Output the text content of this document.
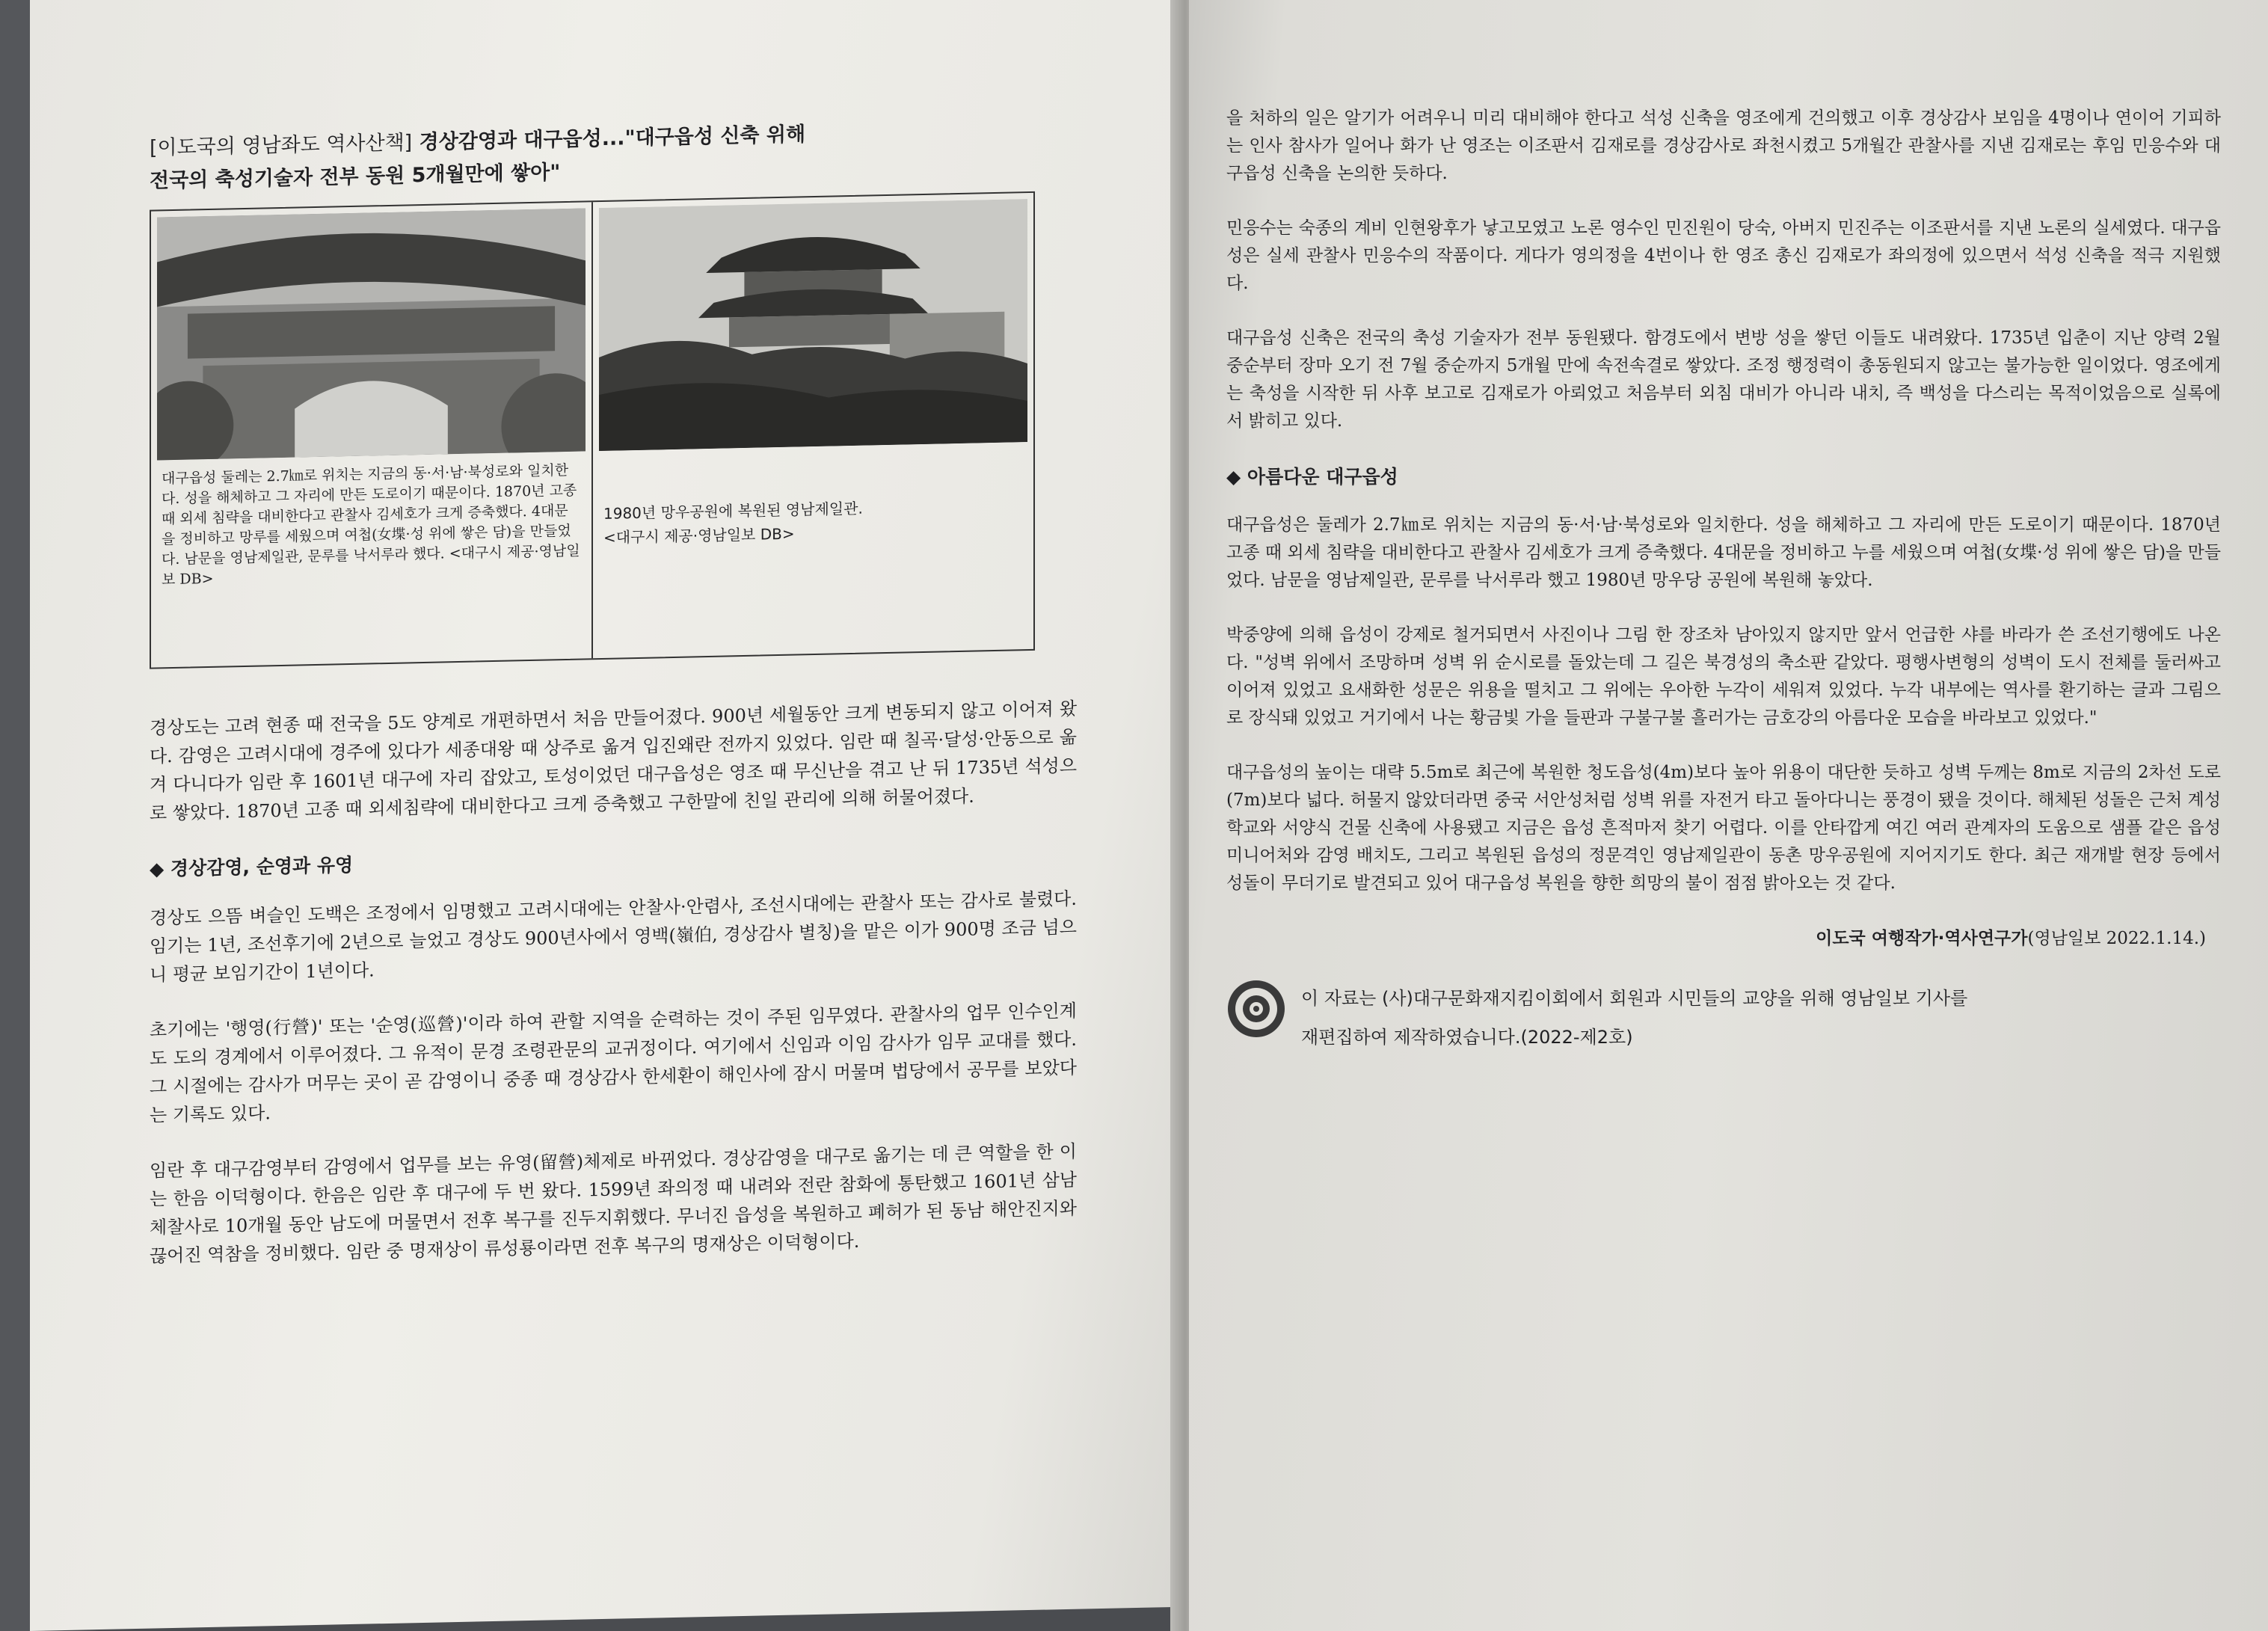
[이도국의 영남좌도 역사산책] 경상감영과 대구읍성..."대구읍성 신축 위해
전국의 축성기술자 전부 동원 5개월만에 쌓아"
대구읍성 둘레는 2.7㎞로 위치는 지금의 동·서·남·북성로와 일치한다. 성을 해체하고 그 자리에 만든 도로이기 때문이다. 1870년 고종 때 외세 침략을 대비한다고 관찰사 김세호가 크게 증축했다. 4대문을 정비하고 망루를 세웠으며 여첩(女堞·성 위에 쌓은 담)을 만들었다. 남문을 영남제일관, 문루를 낙서루라 했다. <대구시 제공·영남일보 DB>
1980년 망우공원에 복원된 영남제일관.
<대구시 제공·영남일보 DB>

경상도는 고려 현종 때 전국을 5도 양계로 개편하면서 처음 만들어졌다. 900년 세월동안 크게 변동되지 않고 이어져 왔다. 감영은 고려시대에 경주에 있다가 세종대왕 때 상주로 옮겨 입진왜란 전까지 있었다. 임란 때 칠곡·달성·안동으로 옮겨 다니다가 임란 후 1601년 대구에 자리 잡았고, 토성이었던 대구읍성은 영조 때 무신난을 겪고 난 뒤 1735년 석성으로 쌓았다. 1870년 고종 때 외세침략에 대비한다고 크게 증축했고 구한말에 친일 관리에 의해 허물어졌다.

◆ 경상감영, 순영과 유영

경상도 으뜸 벼슬인 도백은 조정에서 임명했고 고려시대에는 안찰사·안렴사, 조선시대에는 관찰사 또는 감사로 불렸다. 임기는 1년, 조선후기에 2년으로 늘었고 경상도 900년사에서 영백(嶺伯, 경상감사 별칭)을 맡은 이가 900명 조금 넘으니 평균 보임기간이 1년이다.

초기에는 '행영(行營)' 또는 '순영(巡營)'이라 하여 관할 지역을 순력하는 것이 주된 임무였다. 관찰사의 업무 인수인계도 도의 경계에서 이루어졌다. 그 유적이 문경 조령관문의 교귀정이다. 여기에서 신임과 이임 감사가 임무 교대를 했다. 그 시절에는 감사가 머무는 곳이 곧 감영이니 중종 때 경상감사 한세환이 해인사에 잠시 머물며 법당에서 공무를 보았다는 기록도 있다.

임란 후 대구감영부터 감영에서 업무를 보는 유영(留營)체제로 바뀌었다. 경상감영을 대구로 옮기는 데 큰 역할을 한 이는 한음 이덕형이다. 한음은 임란 후 대구에 두 번 왔다. 1599년 좌의정 때 내려와 전란 참화에 통탄했고 1601년 삼남 체찰사로 10개월 동안 남도에 머물면서 전후 복구를 진두지휘했다. 무너진 읍성을 복원하고 폐허가 된 동남 해안진지와 끊어진 역참을 정비했다. 임란 중 명재상이 류성룡이라면 전후 복구의 명재상은 이덕형이다.

을 처하의 일은 알기가 어려우니 미리 대비해야 한다고 석성 신축을 영조에게 건의했고 이후 경상감사 보임을 4명이나 연이어 기피하는 인사 참사가 일어나 화가 난 영조는 이조판서 김재로를 경상감사로 좌천시켰고 5개월간 관찰사를 지낸 김재로는 후임 민응수와 대구읍성 신축을 논의한 듯하다.

민응수는 숙종의 계비 인현왕후가 낳고모였고 노론 영수인 민진원이 당숙, 아버지 민진주는 이조판서를 지낸 노론의 실세였다. 대구읍성은 실세 관찰사 민응수의 작품이다. 게다가 영의정을 4번이나 한 영조 총신 김재로가 좌의정에 있으면서 석성 신축을 적극 지원했다.

대구읍성 신축은 전국의 축성 기술자가 전부 동원됐다. 함경도에서 변방 성을 쌓던 이들도 내려왔다. 1735년 입춘이 지난 양력 2월 중순부터 장마 오기 전 7월 중순까지 5개월 만에 속전속결로 쌓았다. 조정 행정력이 총동원되지 않고는 불가능한 일이었다. 영조에게는 축성을 시작한 뒤 사후 보고로 김재로가 아뢰었고 처음부터 외침 대비가 아니라 내치, 즉 백성을 다스리는 목적이었음으로 실록에서 밝히고 있다.

◆ 아름다운 대구읍성

대구읍성은 둘레가 2.7㎞로 위치는 지금의 동·서·남·북성로와 일치한다. 성을 해체하고 그 자리에 만든 도로이기 때문이다. 1870년 고종 때 외세 침략을 대비한다고 관찰사 김세호가 크게 증축했다. 4대문을 정비하고 누를 세웠으며 여첩(女堞·성 위에 쌓은 담)을 만들었다. 남문을 영남제일관, 문루를 낙서루라 했고 1980년 망우당 공원에 복원해 놓았다.

박중양에 의해 읍성이 강제로 철거되면서 사진이나 그림 한 장조차 남아있지 않지만 앞서 언급한 샤를 바라가 쓴 조선기행에도 나온다. "성벽 위에서 조망하며 성벽 위 순시로를 돌았는데 그 길은 북경성의 축소판 같았다. 평행사변형의 성벽이 도시 전체를 둘러싸고 이어져 있었고 요새화한 성문은 위용을 떨치고 그 위에는 우아한 누각이 세워져 있었다. 누각 내부에는 역사를 환기하는 글과 그림으로 장식돼 있었고 거기에서 나는 황금빛 가을 들판과 구불구불 흘러가는 금호강의 아름다운 모습을 바라보고 있었다."

대구읍성의 높이는 대략 5.5m로 최근에 복원한 청도읍성(4m)보다 높아 위용이 대단한 듯하고 성벽 두께는 8m로 지금의 2차선 도로(7m)보다 넓다. 허물지 않았더라면 중국 서안성처럼 성벽 위를 자전거 타고 돌아다니는 풍경이 됐을 것이다. 해체된 성돌은 근처 계성학교와 서양식 건물 신축에 사용됐고 지금은 읍성 흔적마저 찾기 어렵다. 이를 안타깝게 여긴 여러 관계자의 도움으로 샘플 같은 읍성 미니어처와 감영 배치도, 그리고 복원된 읍성의 정문격인 영남제일관이 동촌 망우공원에 지어지기도 한다. 최근 재개발 현장 등에서 성돌이 무더기로 발견되고 있어 대구읍성 복원을 향한 희망의 불이 점점 밝아오는 것 같다.

이도국 여행작가·역사연구가(영남일보 2022.1.14.)
이 자료는 (사)대구문화재지킴이회에서 회원과 시민들의 교양을 위해 영남일보 기사를
재편집하여 제작하였습니다.(2022-제2호)
